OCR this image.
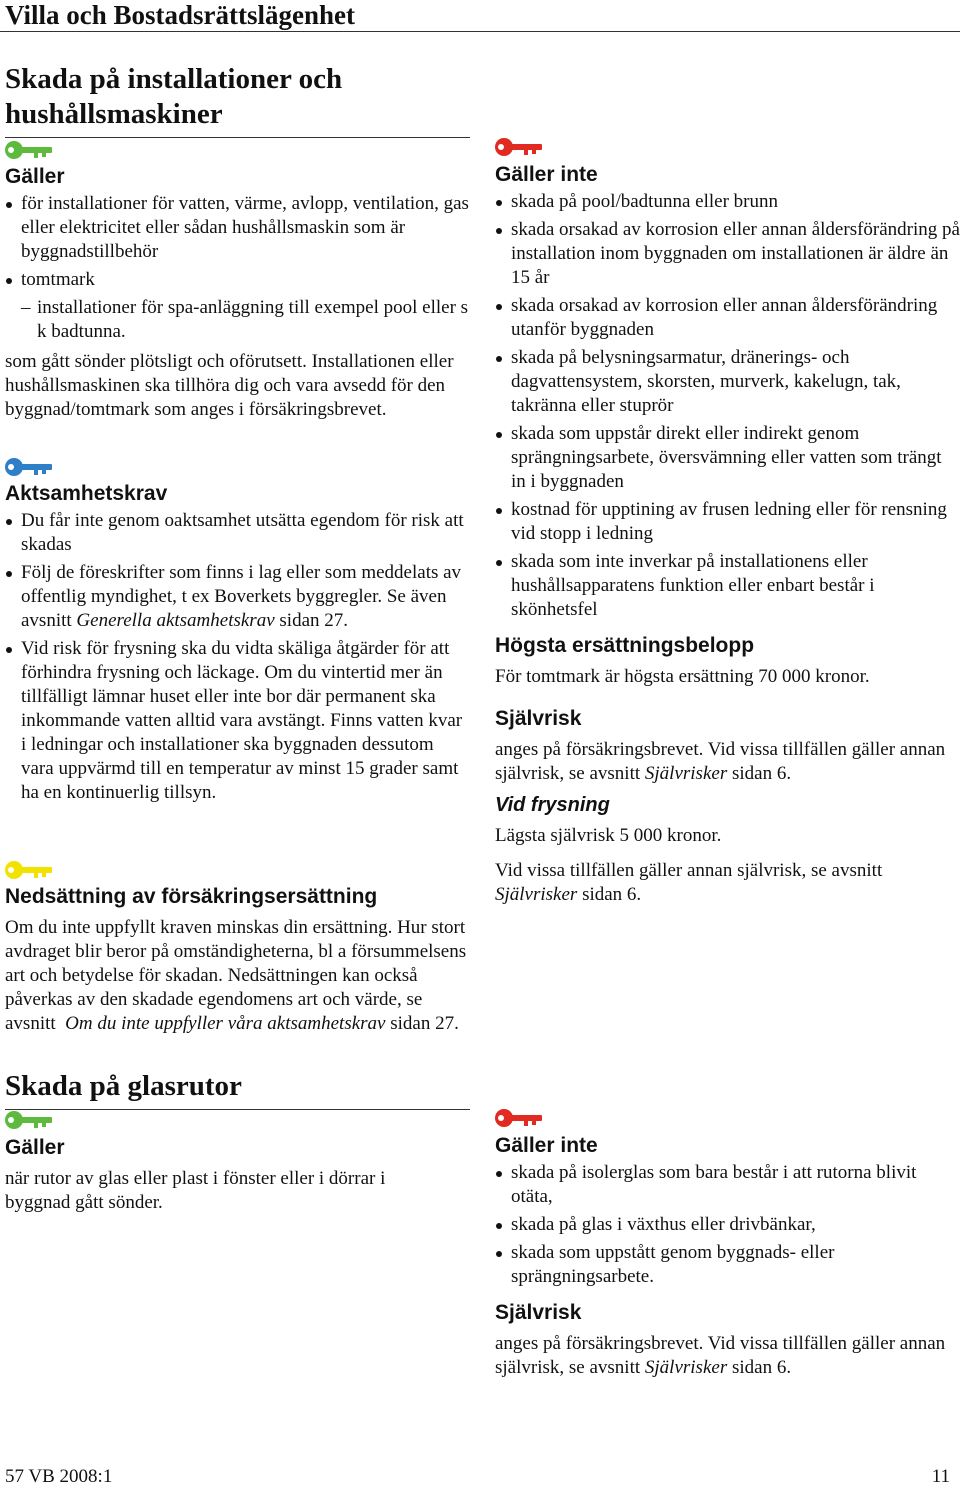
Villa och Bostadsrättslägenhet
Skada på installationer och hushållsmaskiner
Gäller
för installationer för vatten, värme, avlopp, ventilation, gas eller elektricitet eller sådan hushållsmaskin som är byggnadstillbehör
tomtmark
– installationer för spa-anläggning till exempel pool eller s k badtunna.

som gått sönder plötsligt och oförutsett. Installationen eller hushållsmaskinen ska tillhöra dig och vara avsedd för den byggnad/tomtmark som anges i försäkringsbrevet.

Aktsamhetskrav
Du får inte genom oaktsamhet utsätta egendom för risk att skadas
Följ de föreskrifter som finns i lag eller som meddelats av offentlig myndighet, t ex Boverkets byggregler. Se även avsnitt Generella aktsamhetskrav sidan 27.
Vid risk för frysning ska du vidta skäliga åtgärder för att förhindra frysning och läckage. Om du vintertid mer än tillfälligt lämnar huset eller inte bor där permanent ska inkommande vatten alltid vara avstängt. Finns vatten kvar i ledningar och installationer ska byggnaden dessutom vara uppvärmd till en temperatur av minst 15 grader samt ha en kontinuerlig tillsyn.
Nedsättning av försäkringsersättning

Om du inte uppfyllt kraven minskas din ersättning. Hur stort avdraget blir beror på omständigheterna, bl a försummelsens art och betydelse för skadan. Nedsättningen kan också påverkas av den skadade egendomens art och värde, se avsnitt Om du inte uppfyller våra aktsamhetskrav sidan 27.

Skada på glasrutor
Gäller

när rutor av glas eller plast i fönster eller i dörrar i byggnad gått sönder.

Gäller inte
skada på pool/badtunna eller brunn
skada orsakad av korrosion eller annan åldersförändring på installation inom byggnaden om installationen är äldre än 15 år
skada orsakad av korrosion eller annan åldersförändring utanför byggnaden
skada på belysningsarmatur, dränerings- och dagvattensystem, skorsten, murverk, kakelugn, tak, takränna eller stuprör
skada som uppstår direkt eller indirekt genom sprängningsarbete, översvämning eller vatten som trängt in i byggnaden
kostnad för upptining av frusen ledning eller för rensning vid stopp i ledning
skada som inte inverkar på installationens eller hushållsapparatens funktion eller enbart består i skönhetsfel
Högsta ersättningsbelopp

För tomtmark är högsta ersättning 70 000 kronor.

Självrisk

anges på försäkringsbrevet. Vid vissa tillfällen gäller annan självrisk, se avsnitt Självrisker sidan 6.

Vid frysning

Lägsta självrisk 5 000 kronor.

Vid vissa tillfällen gäller annan självrisk, se avsnitt Självrisker sidan 6.

Gäller inte
skada på isolerglas som bara består i att rutorna blivit otäta,
skada på glas i växthus eller drivbänkar,
skada som uppstått genom byggnads- eller sprängningsarbete.
Självrisk

anges på försäkringsbrevet. Vid vissa tillfällen gäller annan självrisk, se avsnitt Självrisker sidan 6.

57 VB 2008:1	11
